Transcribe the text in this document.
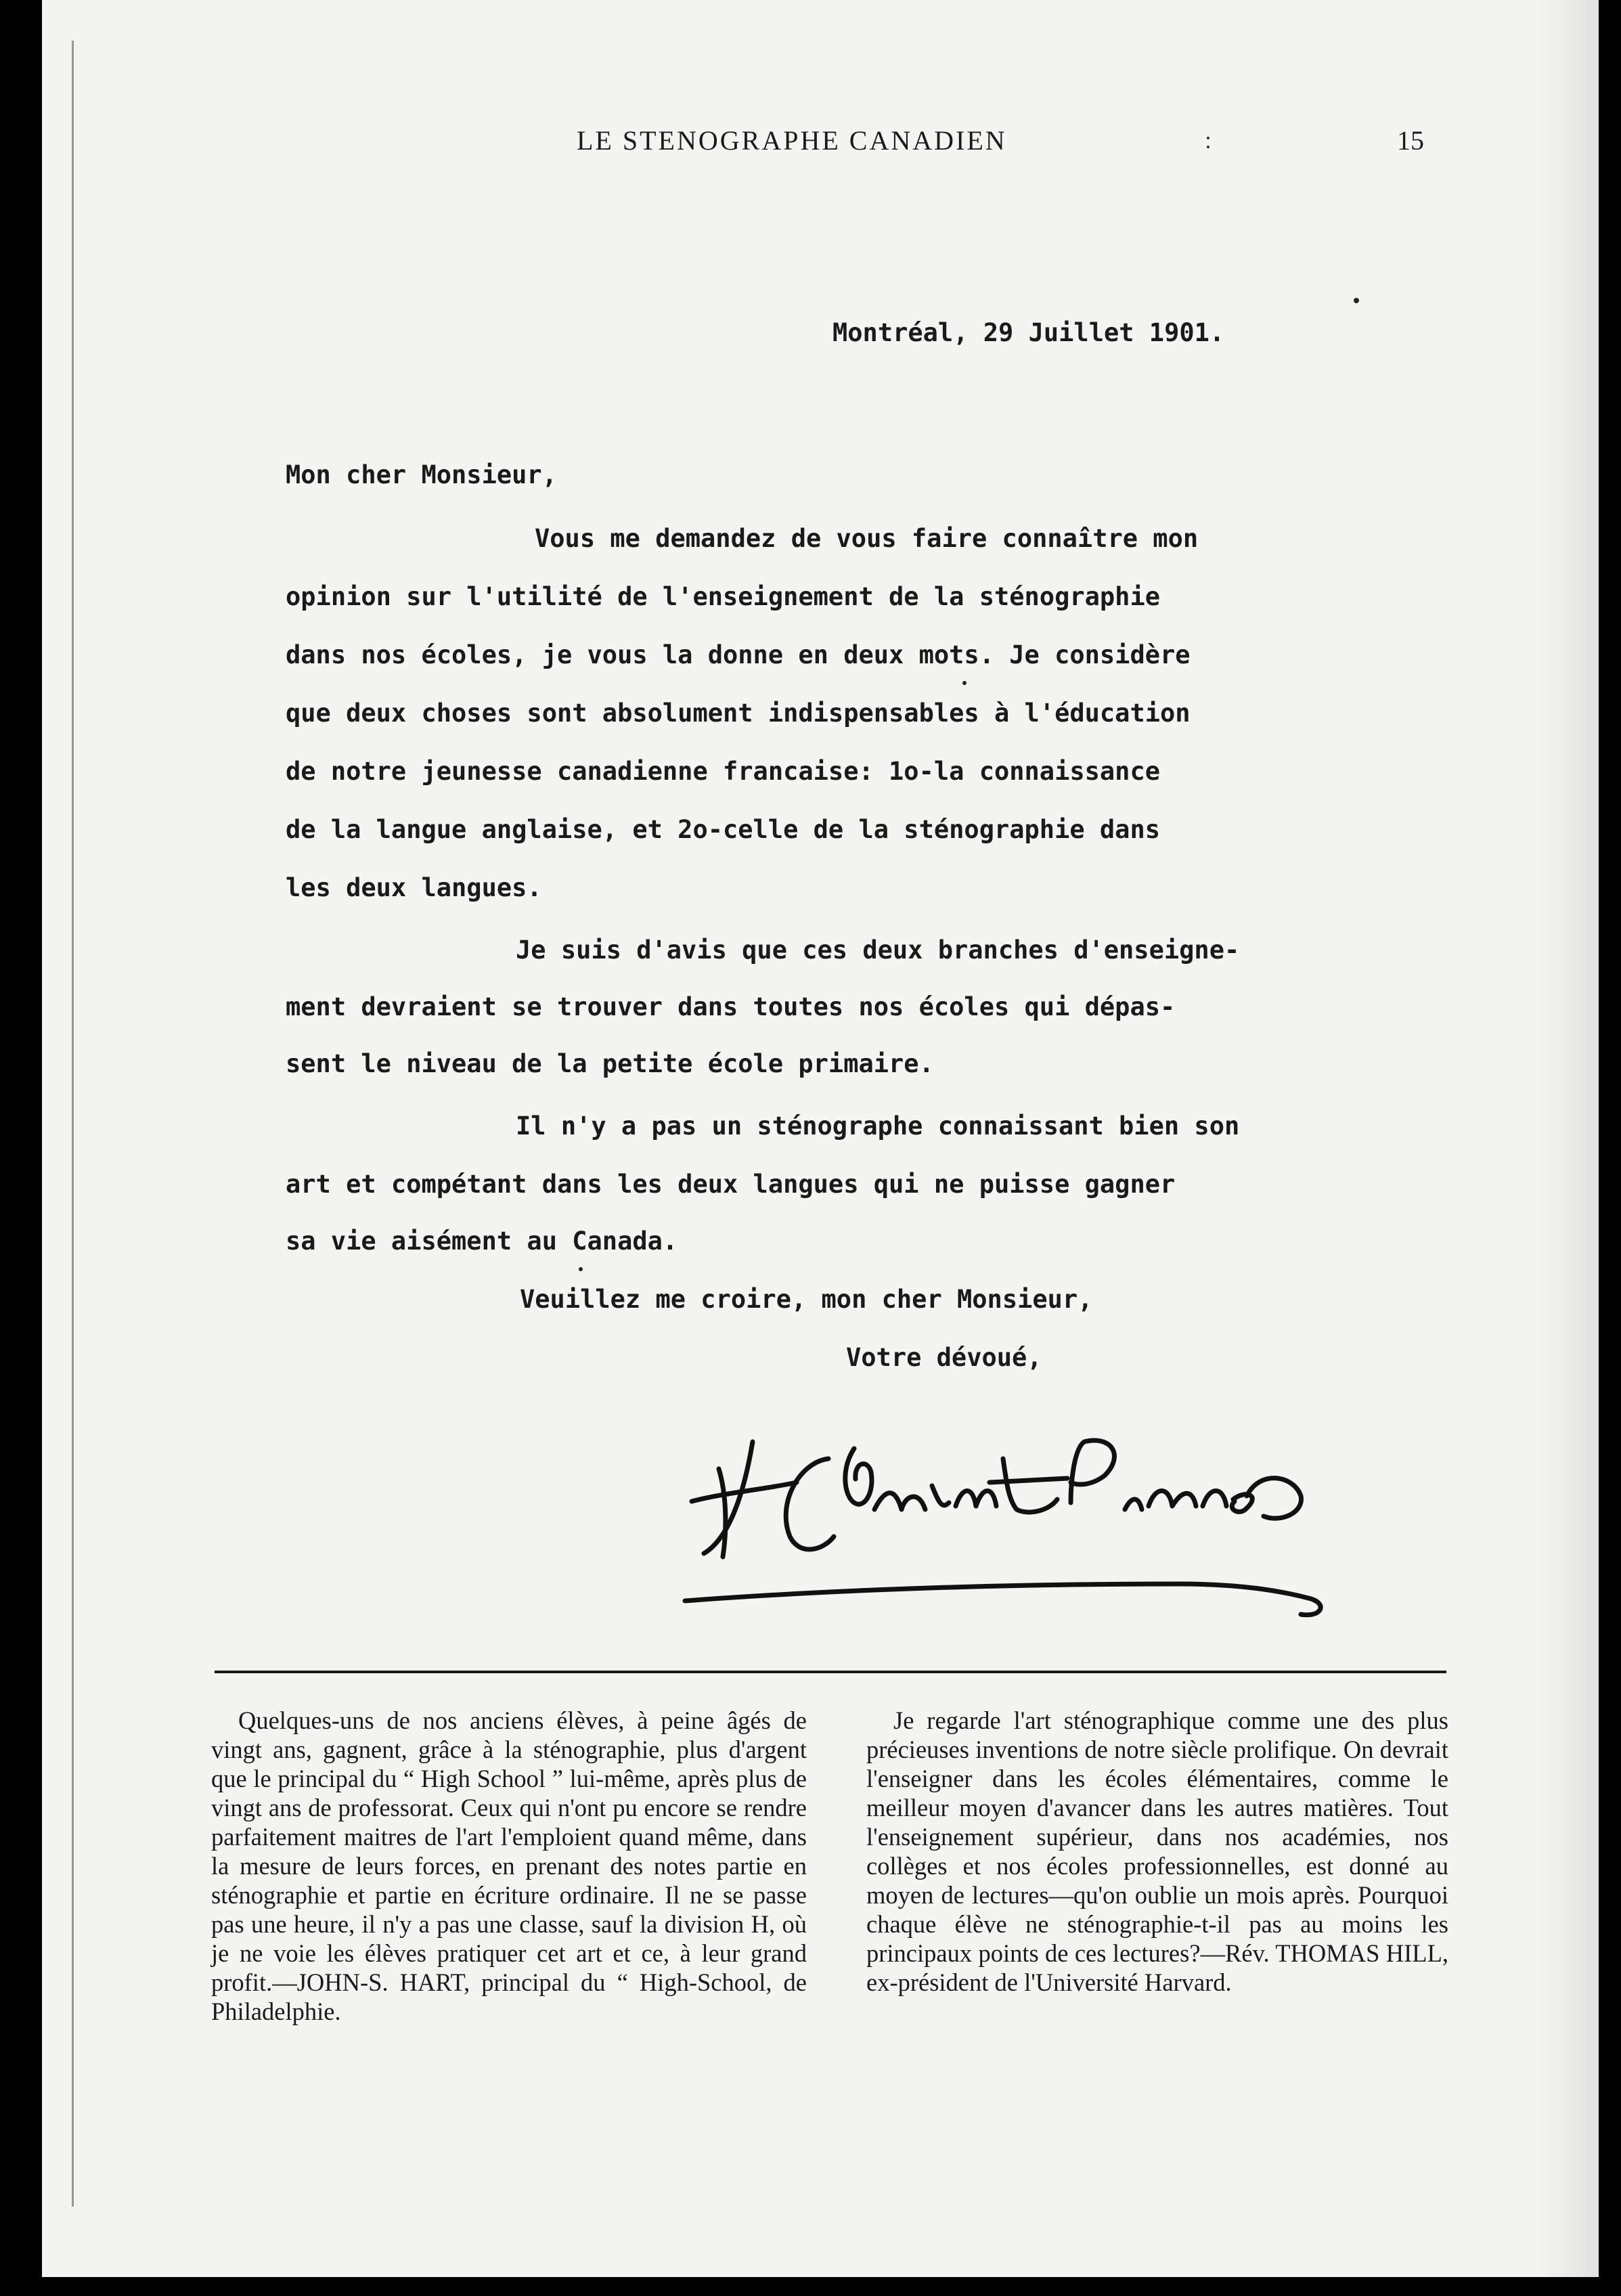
LE STENOGRAPHE CANADIEN	:	15
Montréal, 29 Juillet 1901.
Mon cher Monsieur,
Vous me demandez de vous faire connaître mon
opinion sur l'utilité de l'enseignement de la sténographie
dans nos écoles, je vous la donne en deux mots. Je considère
que deux choses sont absolument indispensables à l'éducation
de notre jeunesse canadienne francaise: 1o-la connaissance
de la langue anglaise, et 2o-celle de la sténographie dans
les deux langues.
Je suis d'avis que ces deux branches d'enseigne-
ment devraient se trouver dans toutes nos écoles qui dépas-
sent le niveau de la petite école primaire.
Il n'y a pas un sténographe connaissant bien son
art et compétant dans les deux langues qui ne puisse gagner
sa vie aisément au Canada.
Veuillez me croire, mon cher Monsieur,
Votre dévoué,
Quelques-uns de nos anciens élèves, à peine âgés de vingt ans, gagnent, grâce à la sténographie, plus d'argent que le principal du “ High School ” lui-même, après plus de vingt ans de professorat. Ceux qui n'ont pu encore se rendre parfaitement maitres de l'art l'emploient quand même, dans la mesure de leurs forces, en prenant des notes partie en sténographie et partie en écriture ordinaire. Il ne se passe pas une heure, il n'y a pas une classe, sauf la division H, où je ne voie les élèves pratiquer cet art et ce, à leur grand profit.—JOHN-S. HART, principal du “ High-School, de Philadelphie.
Je regarde l'art sténographique comme une des plus précieuses inventions de notre siècle prolifique. On devrait l'enseigner dans les écoles élémentaires, comme le meilleur moyen d'avancer dans les autres matières. Tout l'enseignement supérieur, dans nos académies, nos collèges et nos écoles professionnelles, est donné au moyen de lectures—qu'on oublie un mois après. Pourquoi chaque élève ne sténographie-t-il pas au moins les principaux points de ces lectures?—Rév. THOMAS HILL, ex-président de l'Université Harvard.
